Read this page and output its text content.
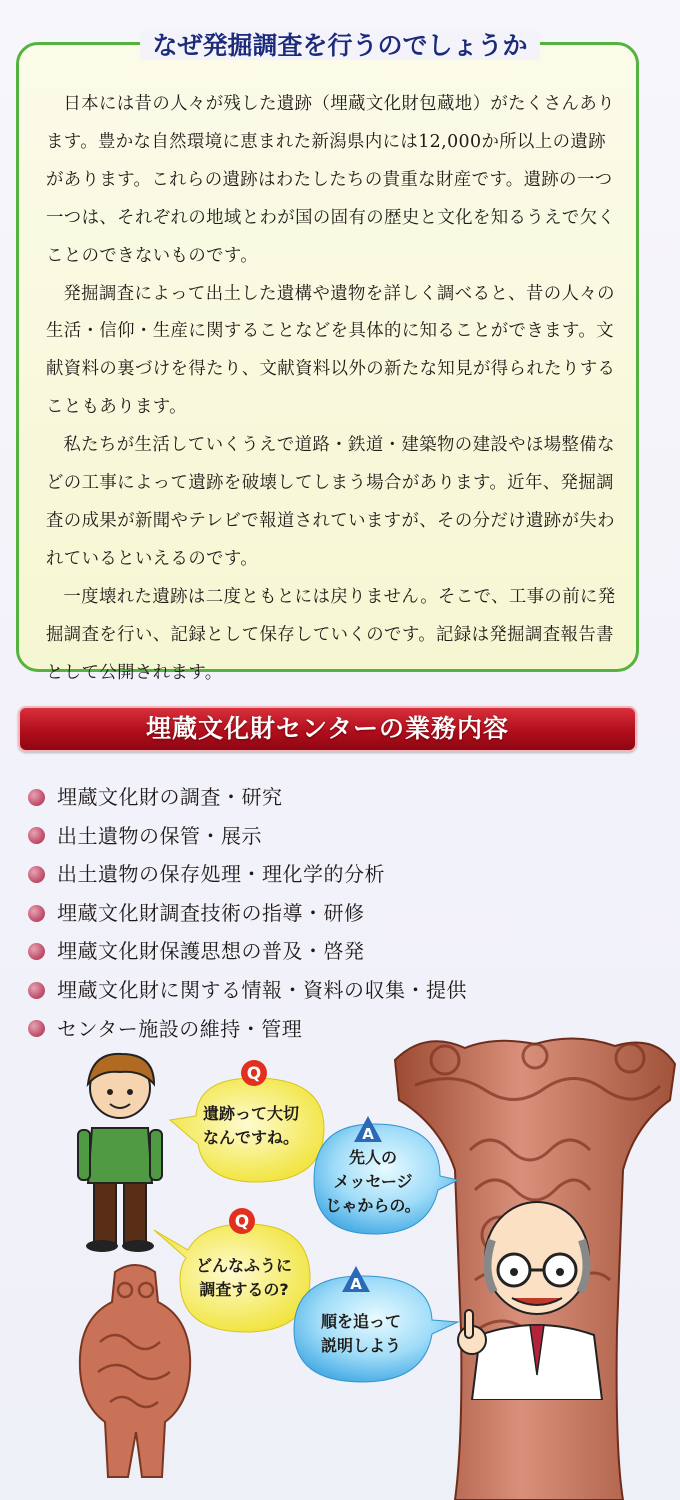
なぜ発掘調査を行うのでしょうか

日本には昔の人々が残した遺跡（埋蔵文化財包蔵地）がたくさんあります。豊かな自然環境に恵まれた新潟県内には12,000か所以上の遺跡があります。これらの遺跡はわたしたちの貴重な財産です。遺跡の一つ一つは、それぞれの地域とわが国の固有の歴史と文化を知るうえで欠くことのできないものです。

発掘調査によって出土した遺構や遺物を詳しく調べると、昔の人々の生活・信仰・生産に関することなどを具体的に知ることができます。文献資料の裏づけを得たり、文献資料以外の新たな知見が得られたりすることもあります。

私たちが生活していくうえで道路・鉄道・建築物の建設やほ場整備などの工事によって遺跡を破壊してしまう場合があります。近年、発掘調査の成果が新聞やテレビで報道されていますが、その分だけ遺跡が失われているといえるのです。

一度壊れた遺跡は二度ともとには戻りません。そこで、工事の前に発掘調査を行い、記録として保存していくのです。記録は発掘調査報告書として公開されます。

埋蔵文化財センターの業務内容
埋蔵文化財の調査・研究
出土遺物の保管・展示
出土遺物の保存処理・理化学的分析
埋蔵文化財調査技術の指導・研修
埋蔵文化財保護思想の普及・啓発
埋蔵文化財に関する情報・資料の収集・提供
センター施設の維持・管理
Q
遺跡って大切
なんですね。	A
先人の
メッセージ
じゃからの。
Q
どんなふうに
調査するの?	A
順を追って
説明しよう
